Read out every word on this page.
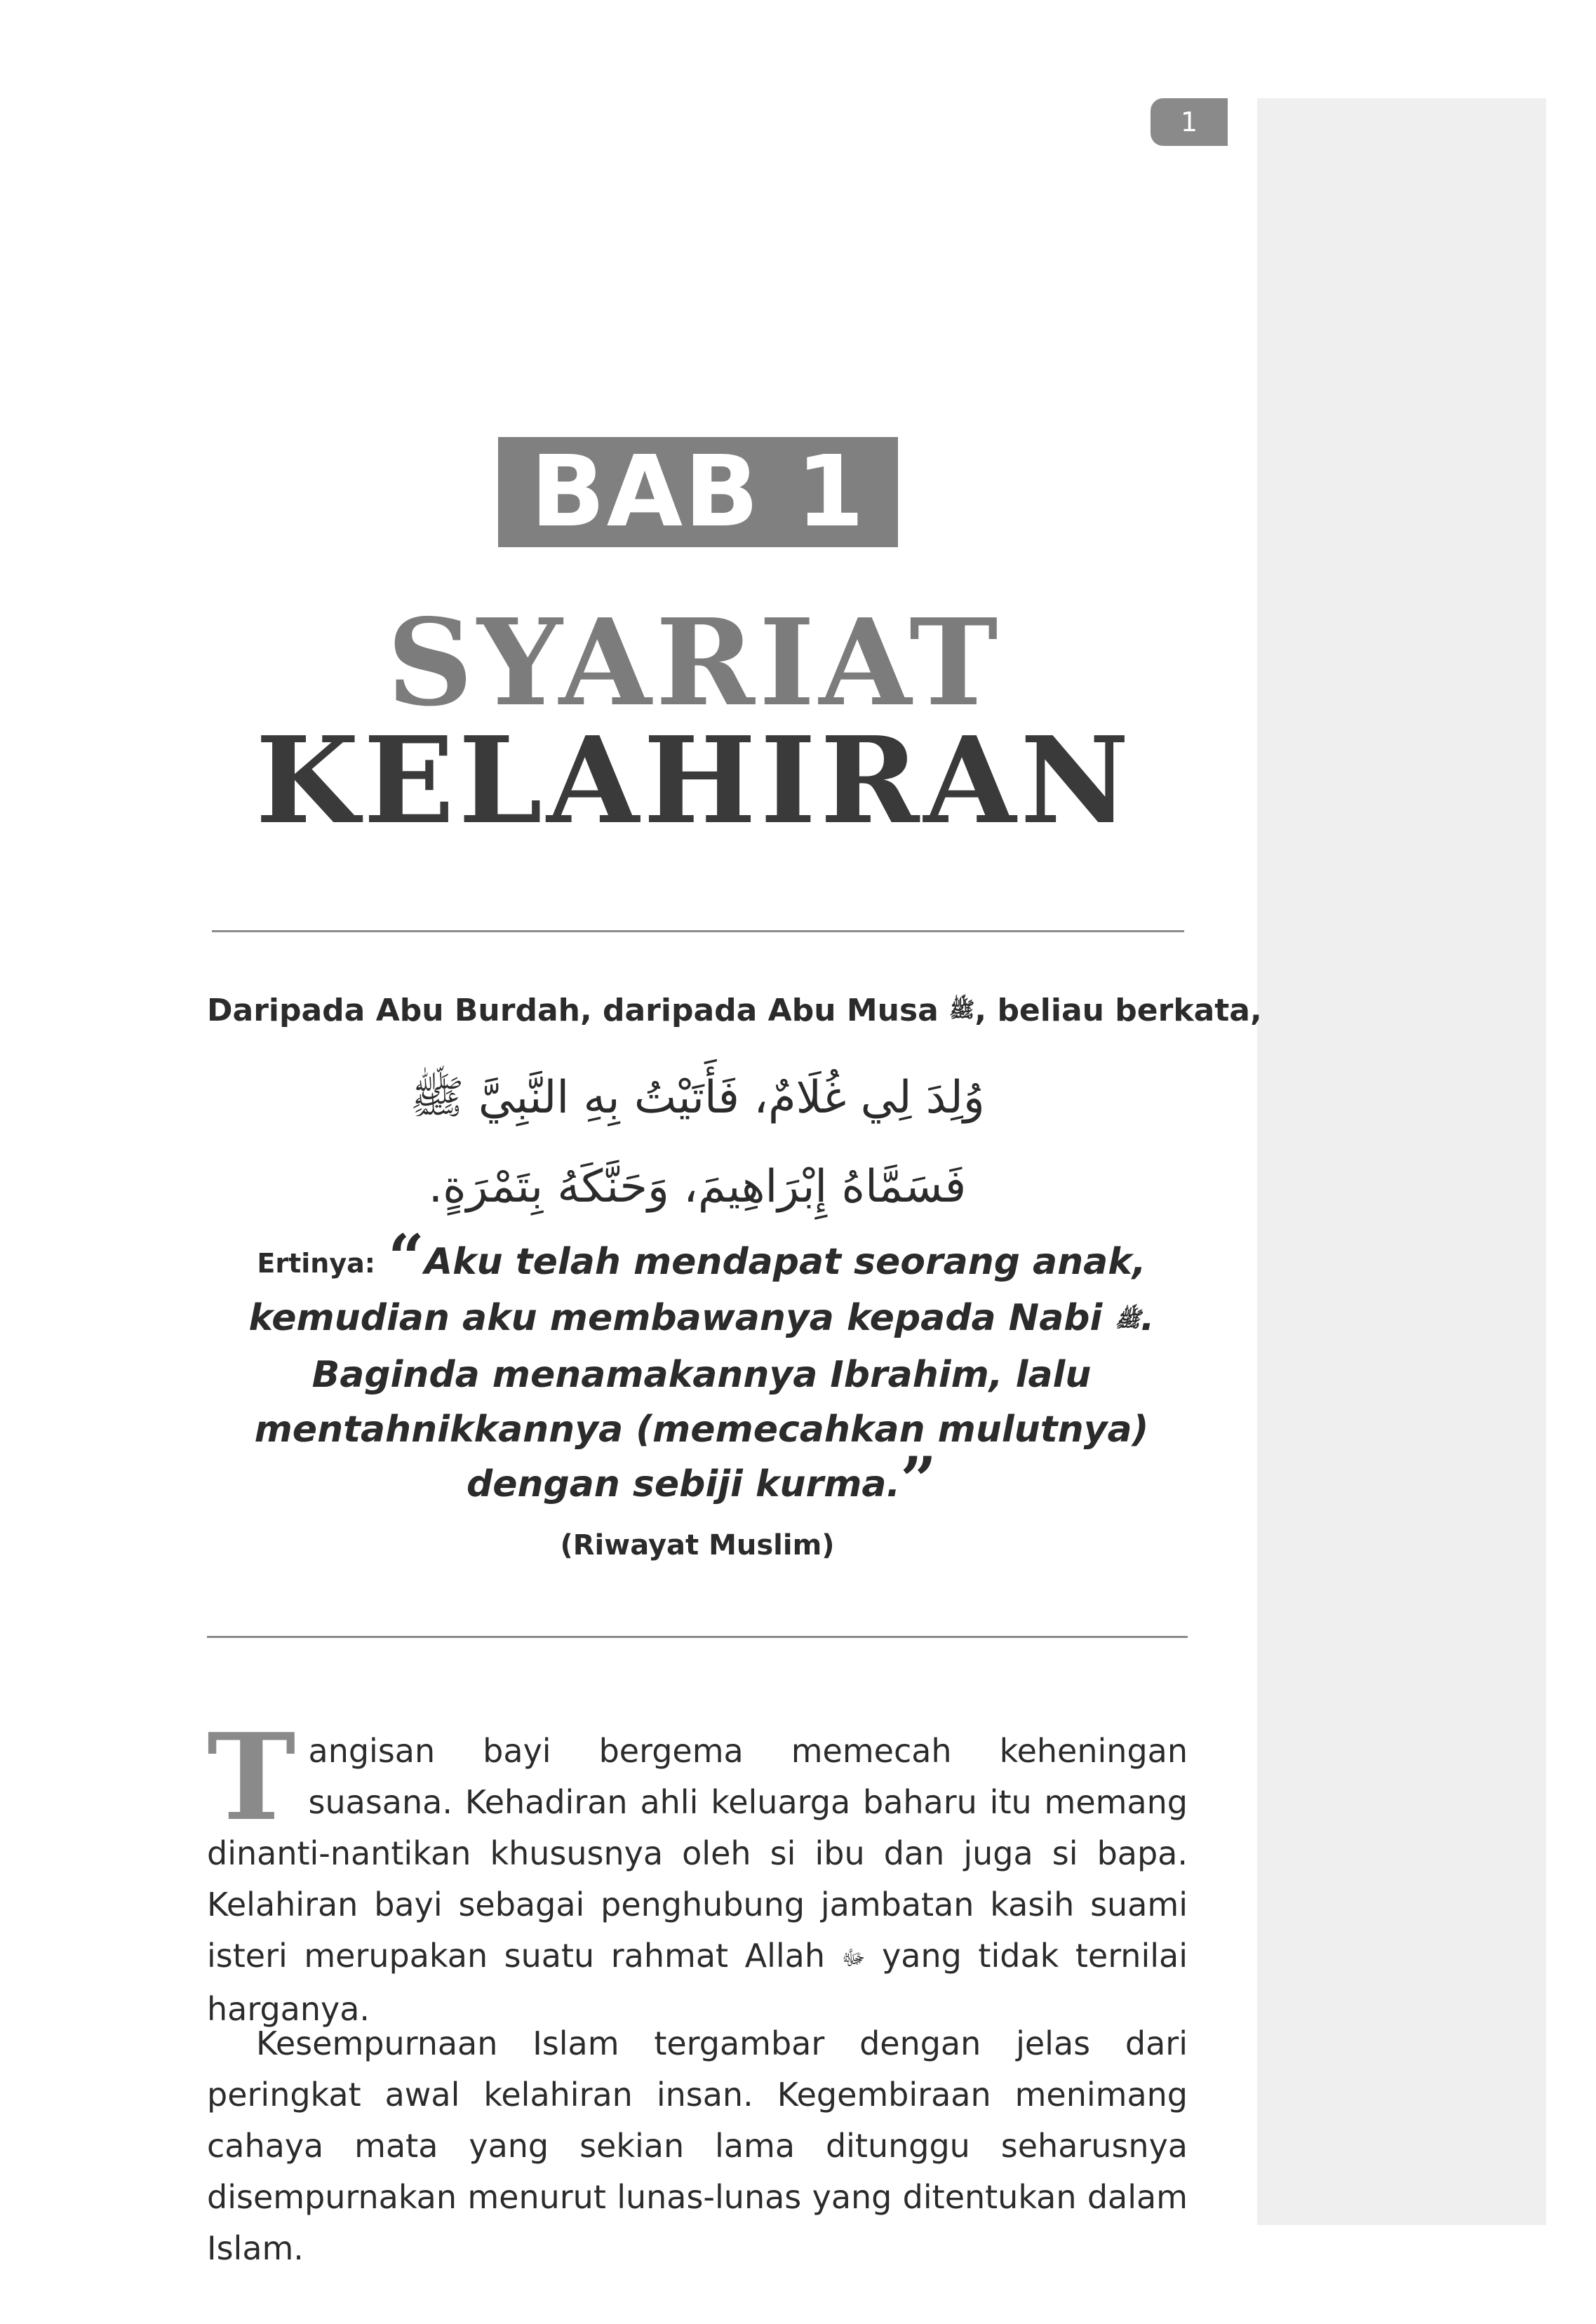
1
BAB 1
SYARIAT
KELAHIRAN
Daripada Abu Burdah, daripada Abu Musa ﷺ, beliau berkata,
وُلِدَ لِي غُلَامٌ، فَأَتَيْتُ بِهِ النَّبِيَّ ﷺ
فَسَمَّاهُ إِبْرَاهِيمَ، وَحَنَّكَهُ بِتَمْرَةٍ.
Ertinya: “Aku telah mendapat seorang anak, kemudian aku membawanya kepada Nabi ﷺ. Baginda menamakannya Ibrahim, lalu mentahnikkannya (memecahkan mulutnya) dengan sebiji kurma.”
(Riwayat Muslim)
Tangisan bayi bergema memecah keheningan suasana. Kehadiran ahli keluarga baharu itu memang dinanti-nantikan khususnya oleh si ibu dan juga si bapa. Kelahiran bayi sebagai penghubung jambatan kasih suami isteri merupakan suatu rahmat Allah ﷻ yang tidak ternilai harganya.
Kesempurnaan Islam tergambar dengan jelas dari peringkat awal kelahiran insan. Kegembiraan menimang cahaya mata yang sekian lama ditunggu seharusnya disempurnakan menurut lunas-lunas yang ditentukan dalam Islam.
